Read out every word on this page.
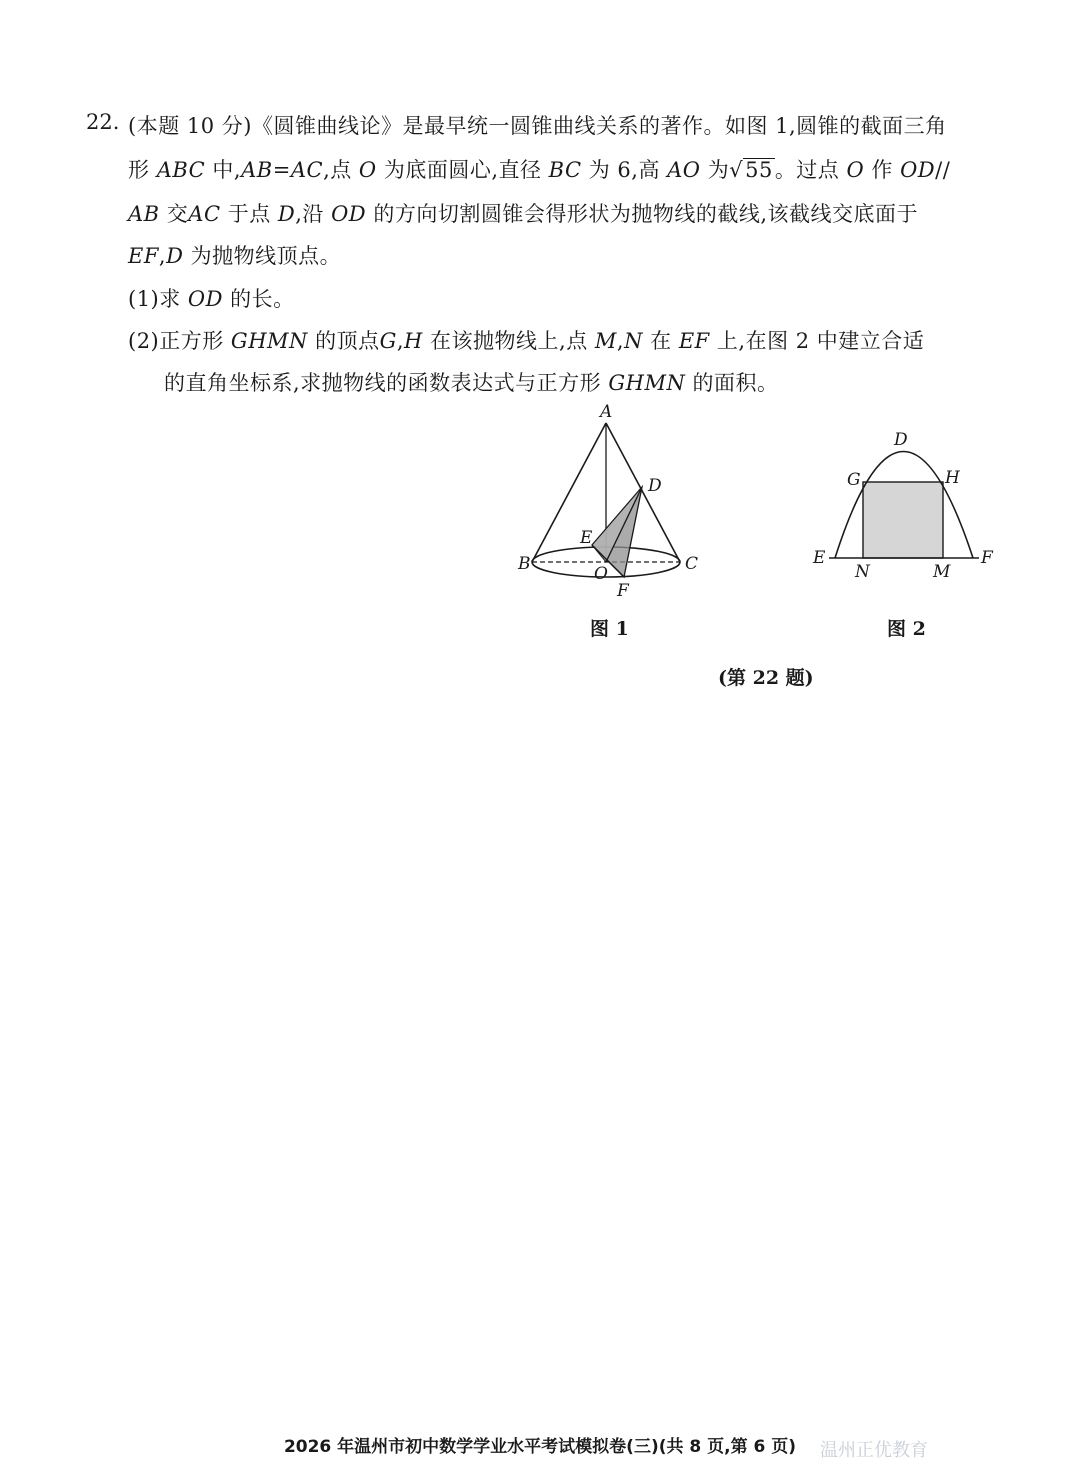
22. (本题 10 分)《圆锥曲线论》是最早统一圆锥曲线关系的著作。如图 1,圆锥的截面三角
形 ABC 中,AB=AC,点 O 为底面圆心,直径 BC 为 6,高 AO 为√55。过点 O 作 OD//
AB 交AC 于点 D,沿 OD 的方向切割圆锥会得形状为抛物线的截线,该截线交底面于
EF,D 为抛物线顶点。
(1)求 OD 的长。
(2)正方形 GHMN 的顶点G,H 在该抛物线上,点 M,N 在 EF 上,在图 2 中建立合适
的直角坐标系,求抛物线的函数表达式与正方形 GHMN 的面积。
A
B	C
D
E
O
F
图 1
D
G	H
E	F
N	M
图 2
(第 22 题)
2026 年温州市初中数学学业水平考试模拟卷(三)(共 8 页,第 6 页)	温州正优教育
